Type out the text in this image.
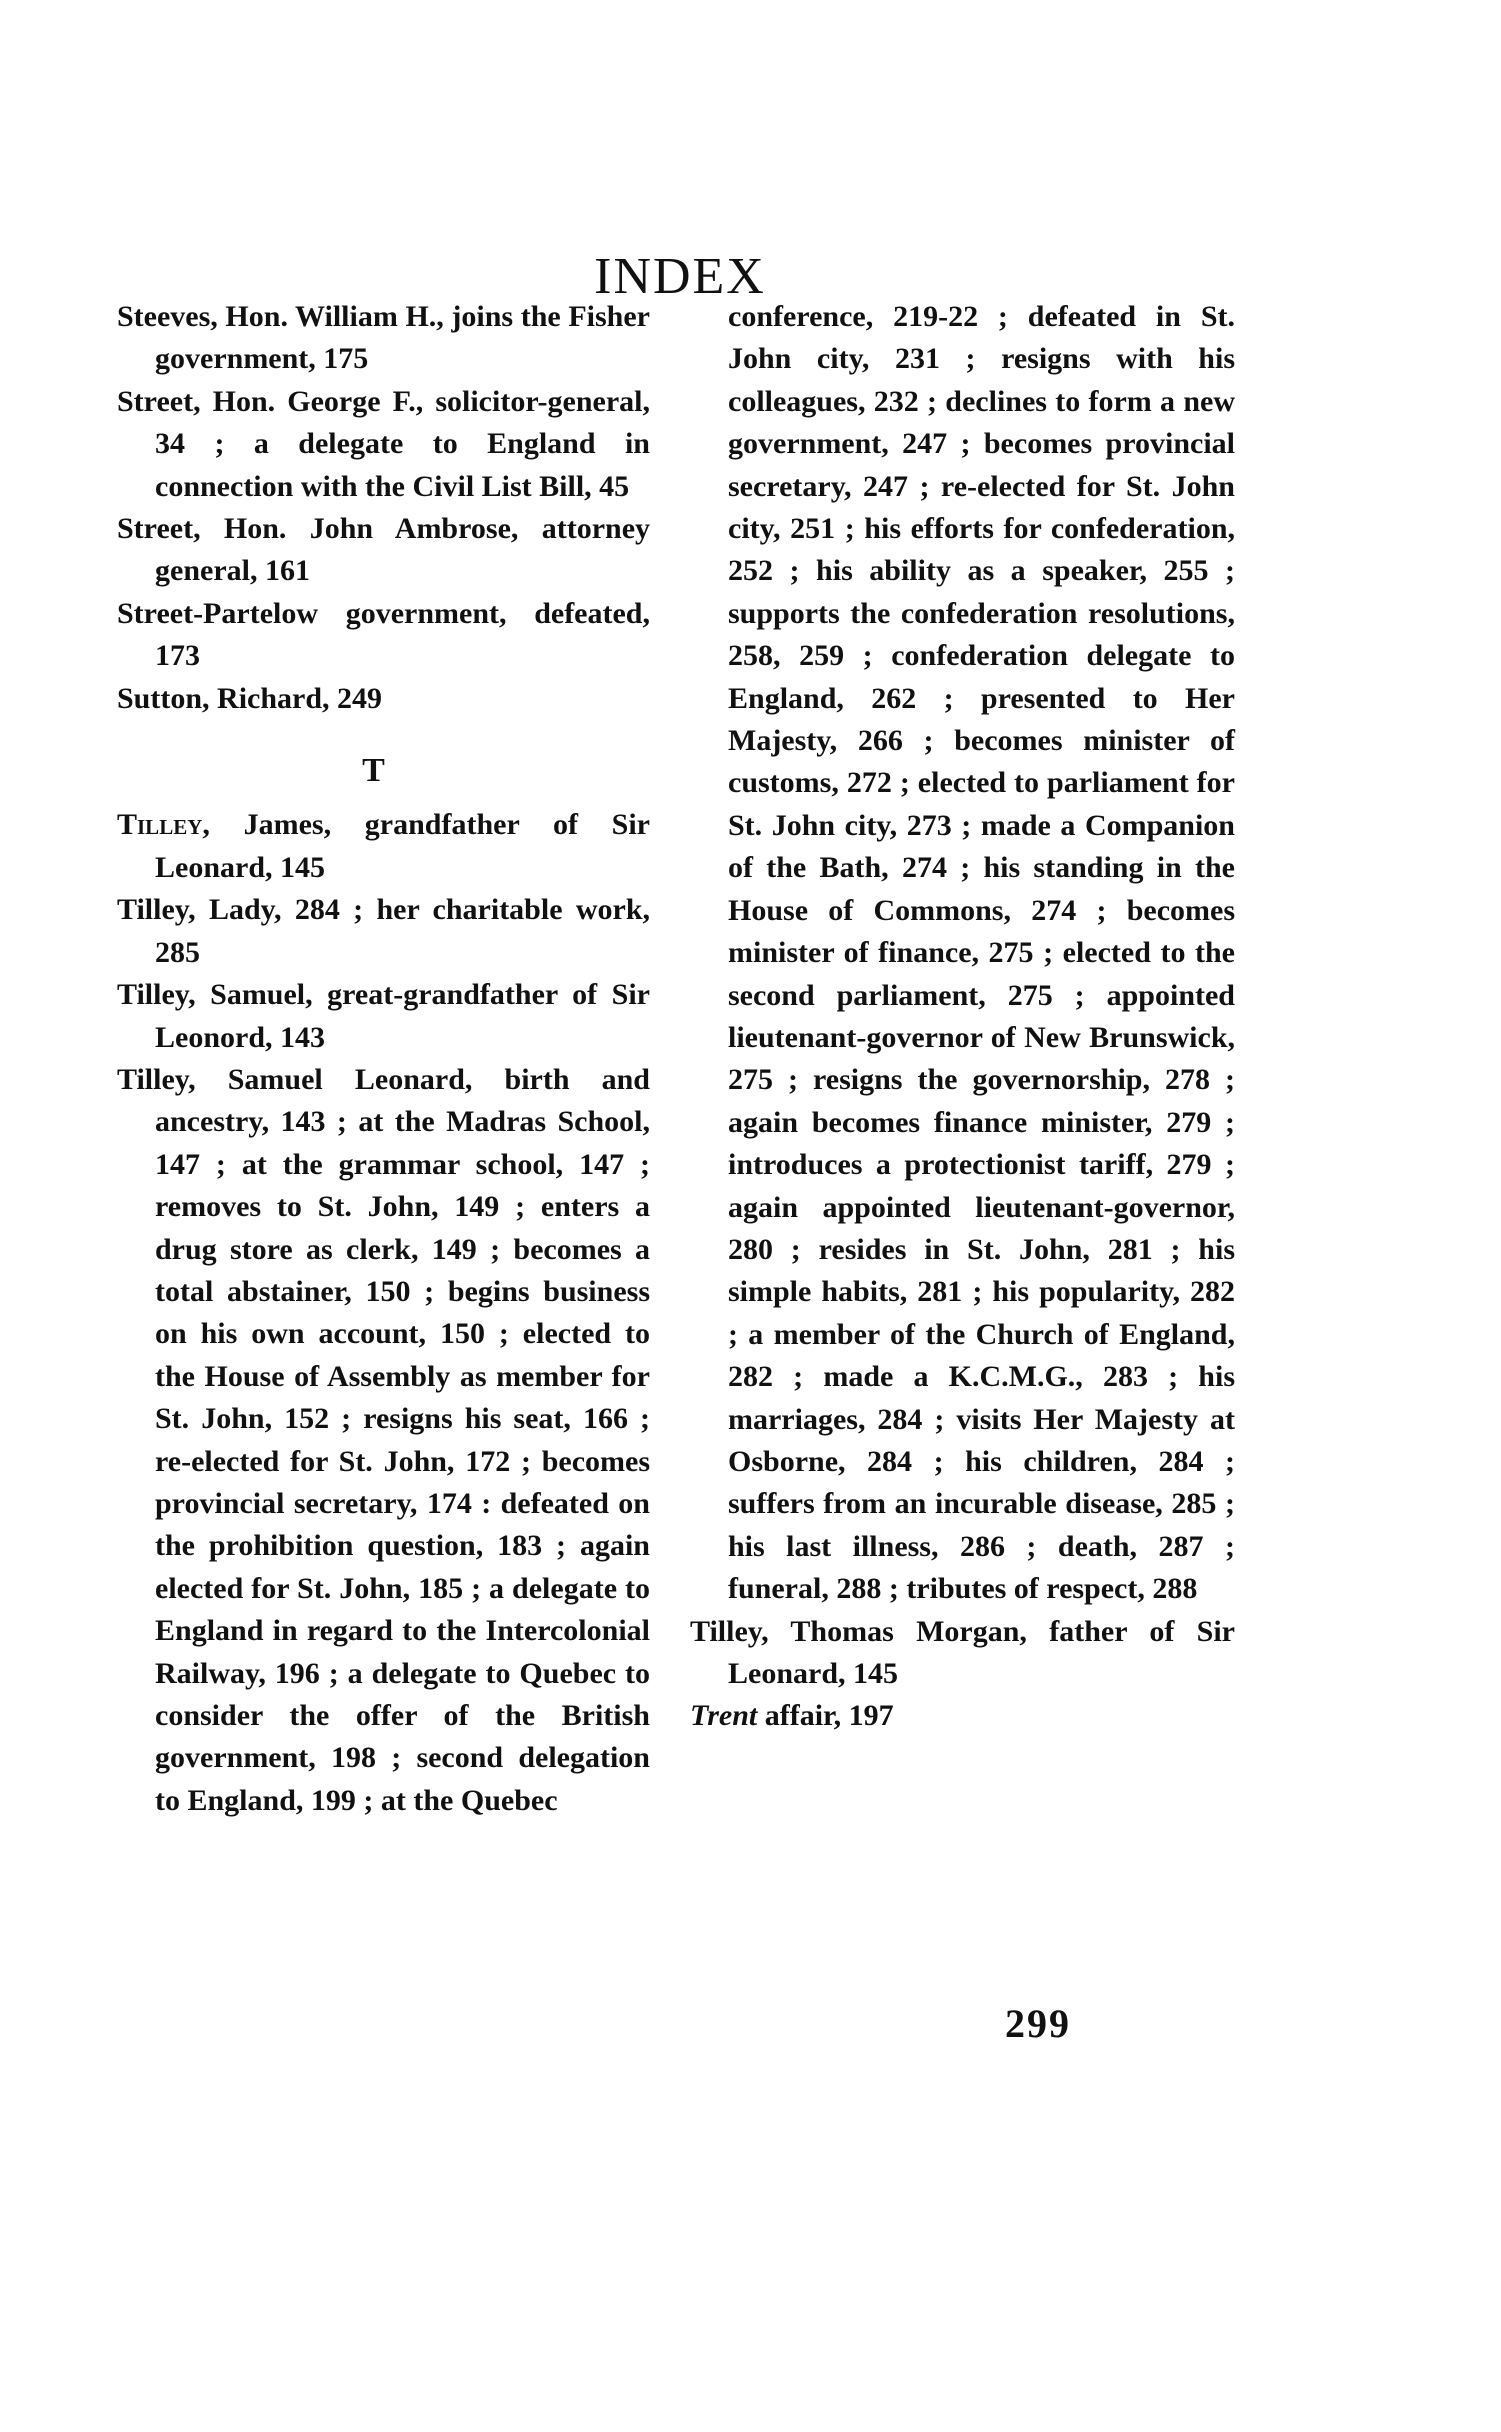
INDEX

Steeves, Hon. William H., joins the Fisher government, 175

Street, Hon. George F., solicitor-general, 34 ; a delegate to England in connection with the Civil List Bill, 45

Street, Hon. John Ambrose, attorney general, 161

Street-Partelow government, defeated, 173

Sutton, Richard, 249

T

Tilley, James, grandfather of Sir Leonard, 145

Tilley, Lady, 284 ; her charitable work, 285

Tilley, Samuel, great-grandfather of Sir Leonord, 143

Tilley, Samuel Leonard, birth and ancestry, 143 ; at the Madras School, 147 ; at the grammar school, 147 ; removes to St. John, 149 ; enters a drug store as clerk, 149 ; becomes a total abstainer, 150 ; begins business on his own account, 150 ; elected to the House of Assembly as member for St. John, 152 ; resigns his seat, 166 ; re-elected for St. John, 172 ; becomes provincial secretary, 174 : defeated on the prohibition question, 183 ; again elected for St. John, 185 ; a delegate to England in regard to the Intercolonial Railway, 196 ; a delegate to Quebec to consider the offer of the British government, 198 ; second delegation to England, 199 ; at the Quebec

conference, 219-22 ; defeated in St. John city, 231 ; resigns with his colleagues, 232 ; declines to form a new government, 247 ; becomes provincial secretary, 247 ; re-elected for St. John city, 251 ; his efforts for confederation, 252 ; his ability as a speaker, 255 ; supports the confederation resolutions, 258, 259 ; confederation delegate to England, 262 ; presented to Her Majesty, 266 ; becomes minister of customs, 272 ; elected to parliament for St. John city, 273 ; made a Companion of the Bath, 274 ; his standing in the House of Commons, 274 ; becomes minister of finance, 275 ; elected to the second parliament, 275 ; appointed lieutenant-governor of New Brunswick, 275 ; resigns the governorship, 278 ; again becomes finance minister, 279 ; introduces a protectionist tariff, 279 ; again appointed lieutenant-governor, 280 ; resides in St. John, 281 ; his simple habits, 281 ; his popularity, 282 ; a member of the Church of England, 282 ; made a K.C.M.G., 283 ; his marriages, 284 ; visits Her Majesty at Osborne, 284 ; his children, 284 ; suffers from an incurable disease, 285 ; his last illness, 286 ; death, 287 ; funeral, 288 ; tributes of respect, 288

Tilley, Thomas Morgan, father of Sir Leonard, 145

Trent affair, 197

299
